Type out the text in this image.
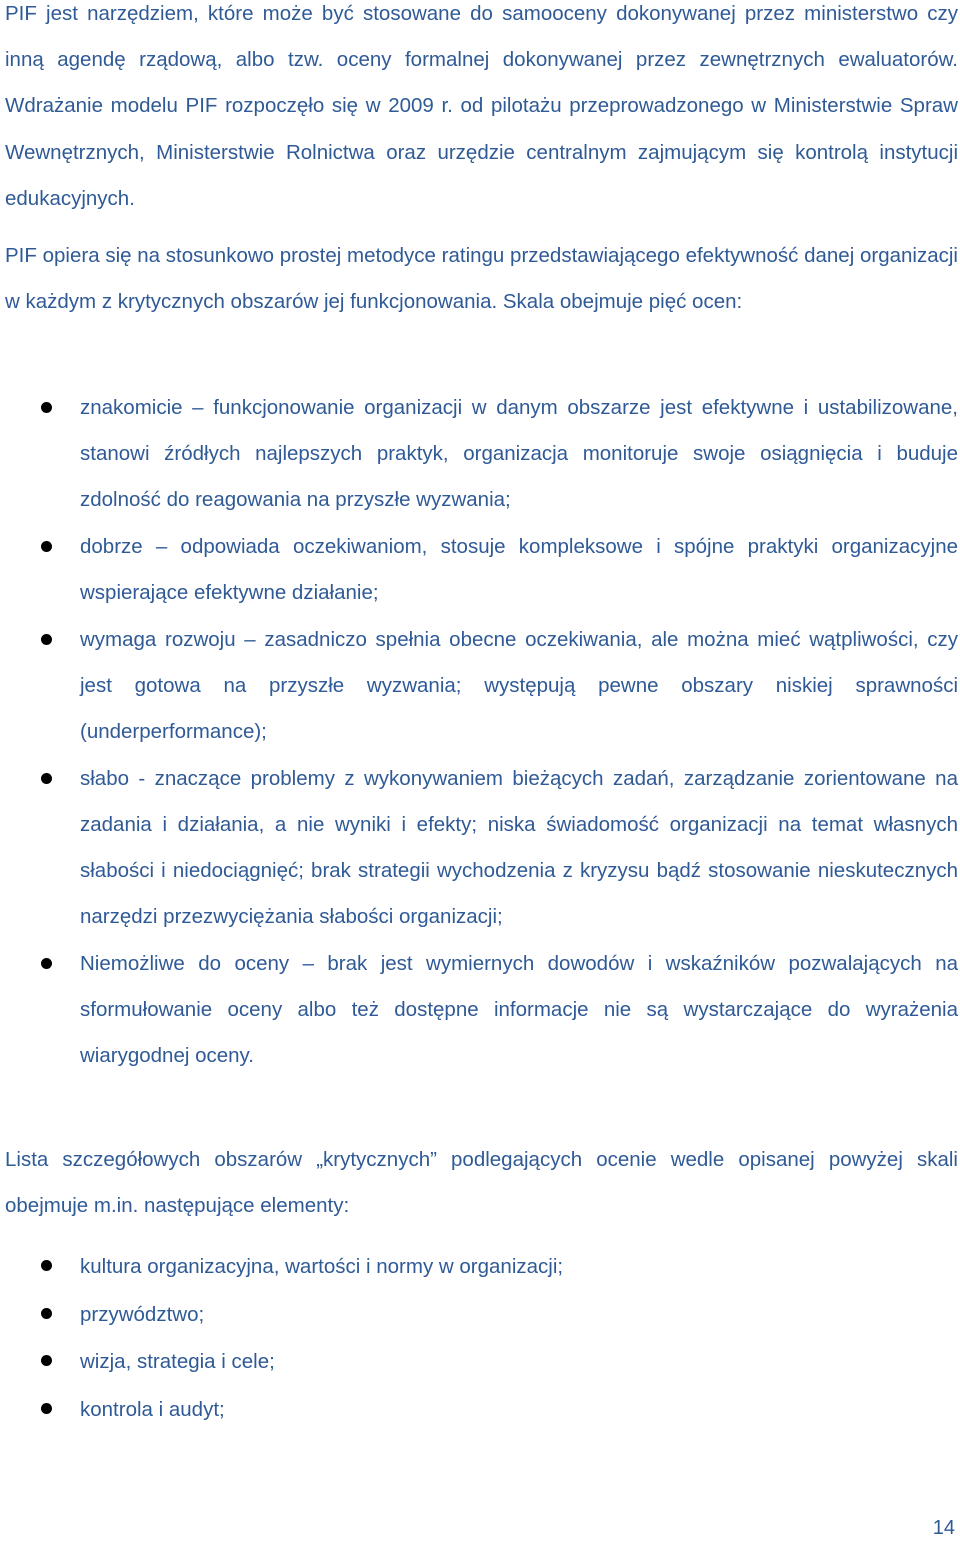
PIF jest narzędziem, które może być stosowane do samooceny dokonywanej przez ministerstwo czy inną agendę rządową, albo tzw. oceny formalnej dokonywanej przez zewnętrznych ewaluatorów. Wdrażanie modelu PIF rozpoczęło się w 2009 r. od pilotażu przeprowadzonego w Ministerstwie Spraw Wewnętrznych, Ministerstwie Rolnictwa oraz urzędzie centralnym zajmującym się kontrolą instytucji edukacyjnych.

PIF opiera się na stosunkowo prostej metodyce ratingu przedstawiającego efektywność danej organizacji w każdym z krytycznych obszarów jej funkcjonowania. Skala obejmuje pięć ocen:

znakomicie – funkcjonowanie organizacji w danym obszarze jest efektywne i ustabilizowane, stanowi źródłych najlepszych praktyk, organizacja monitoruje swoje osiągnięcia i buduje zdolność do reagowania na przyszłe wyzwania;
dobrze – odpowiada oczekiwaniom, stosuje kompleksowe i spójne praktyki organizacyjne wspierające efektywne działanie;
wymaga rozwoju – zasadniczo spełnia obecne oczekiwania, ale można mieć wątpliwości, czy jest gotowa na przyszłe wyzwania; występują pewne obszary niskiej sprawności (underperformance);
słabo - znaczące problemy z wykonywaniem bieżących zadań, zarządzanie zorientowane na zadania i działania, a nie wyniki i efekty; niska świadomość organizacji na temat własnych słabości i niedociągnięć; brak strategii wychodzenia z kryzysu bądź stosowanie nieskutecznych narzędzi przezwyciężania słabości organizacji;
Niemożliwe do oceny – brak jest wymiernych dowodów i wskaźników pozwalających na sformułowanie oceny albo też dostępne informacje nie są wystarczające do wyrażenia wiarygodnej oceny.

Lista szczegółowych obszarów „krytycznych” podlegających ocenie wedle opisanej powyżej skali obejmuje m.in. następujące elementy:

kultura organizacyjna, wartości i normy w organizacji;
przywództwo;
wizja, strategia i cele;
kontrola i audyt;
14
